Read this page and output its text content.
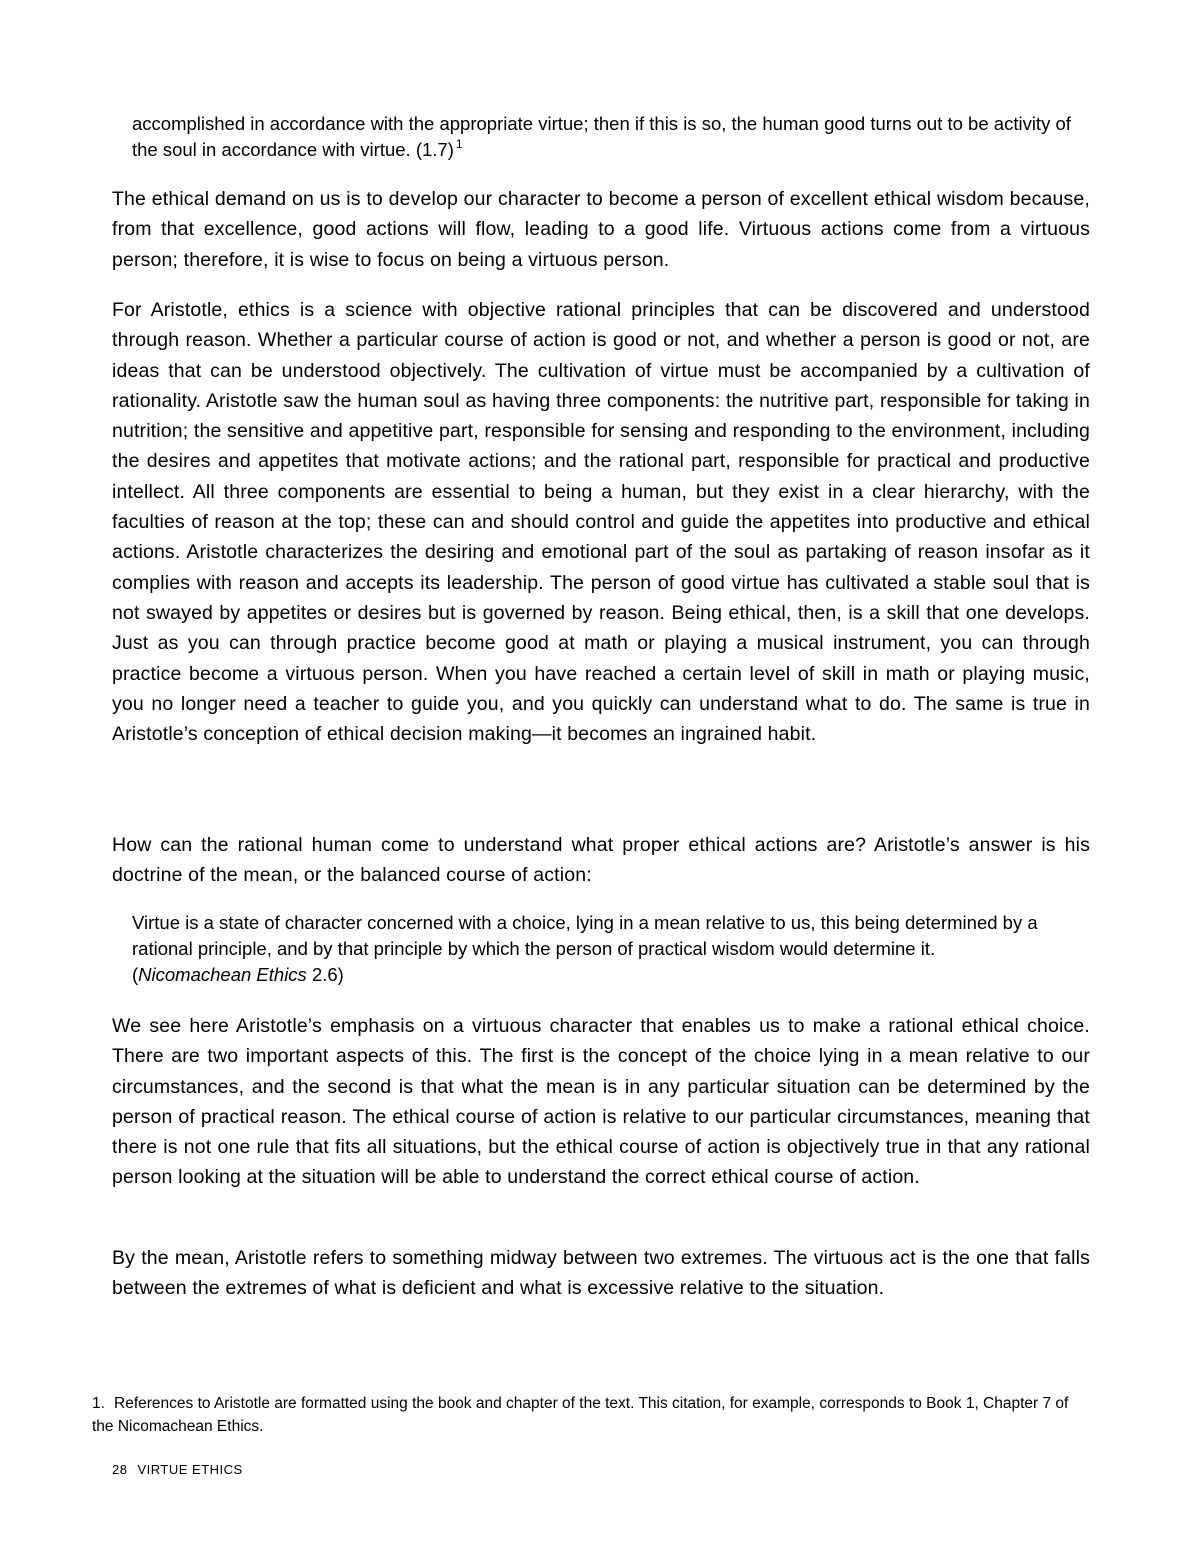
accomplished in accordance with the appropriate virtue; then if this is so, the human good turns out to be activity of the soul in accordance with virtue. (1.7) $^1$
The ethical demand on us is to develop our character to become a person of excellent ethical wisdom because, from that excellence, good actions will flow, leading to a good life. Virtuous actions come from a virtuous person; therefore, it is wise to focus on being a virtuous person.
For Aristotle, ethics is a science with objective rational principles that can be discovered and understood through reason. Whether a particular course of action is good or not, and whether a person is good or not, are ideas that can be understood objectively. The cultivation of virtue must be accompanied by a cultivation of rationality. Aristotle saw the human soul as having three components: the nutritive part, responsible for taking in nutrition; the sensitive and appetitive part, responsible for sensing and responding to the environment, including the desires and appetites that motivate actions; and the rational part, responsible for practical and productive intellect. All three components are essential to being a human, but they exist in a clear hierarchy, with the faculties of reason at the top; these can and should control and guide the appetites into productive and ethical actions. Aristotle characterizes the desiring and emotional part of the soul as partaking of reason insofar as it complies with reason and accepts its leadership. The person of good virtue has cultivated a stable soul that is not swayed by appetites or desires but is governed by reason. Being ethical, then, is a skill that one develops. Just as you can through practice become good at math or playing a musical instrument, you can through practice become a virtuous person. When you have reached a certain level of skill in math or playing music, you no longer need a teacher to guide you, and you quickly can understand what to do. The same is true in Aristotle’s conception of ethical decision making—it becomes an ingrained habit.
How can the rational human come to understand what proper ethical actions are? Aristotle’s answer is his doctrine of the mean, or the balanced course of action:
Virtue is a state of character concerned with a choice, lying in a mean relative to us, this being determined by a rational principle, and by that principle by which the person of practical wisdom would determine it.
(Nicomachean Ethics 2.6)
We see here Aristotle’s emphasis on a virtuous character that enables us to make a rational ethical choice. There are two important aspects of this. The first is the concept of the choice lying in a mean relative to our circumstances, and the second is that what the mean is in any particular situation can be determined by the person of practical reason. The ethical course of action is relative to our particular circumstances, meaning that there is not one rule that fits all situations, but the ethical course of action is objectively true in that any rational person looking at the situation will be able to understand the correct ethical course of action.
By the mean, Aristotle refers to something midway between two extremes. The virtuous act is the one that falls between the extremes of what is deficient and what is excessive relative to the situation.
1. References to Aristotle are formatted using the book and chapter of the text. This citation, for example, corresponds to Book 1, Chapter 7 of the Nicomachean Ethics.
28 VIRTUE ETHICS
